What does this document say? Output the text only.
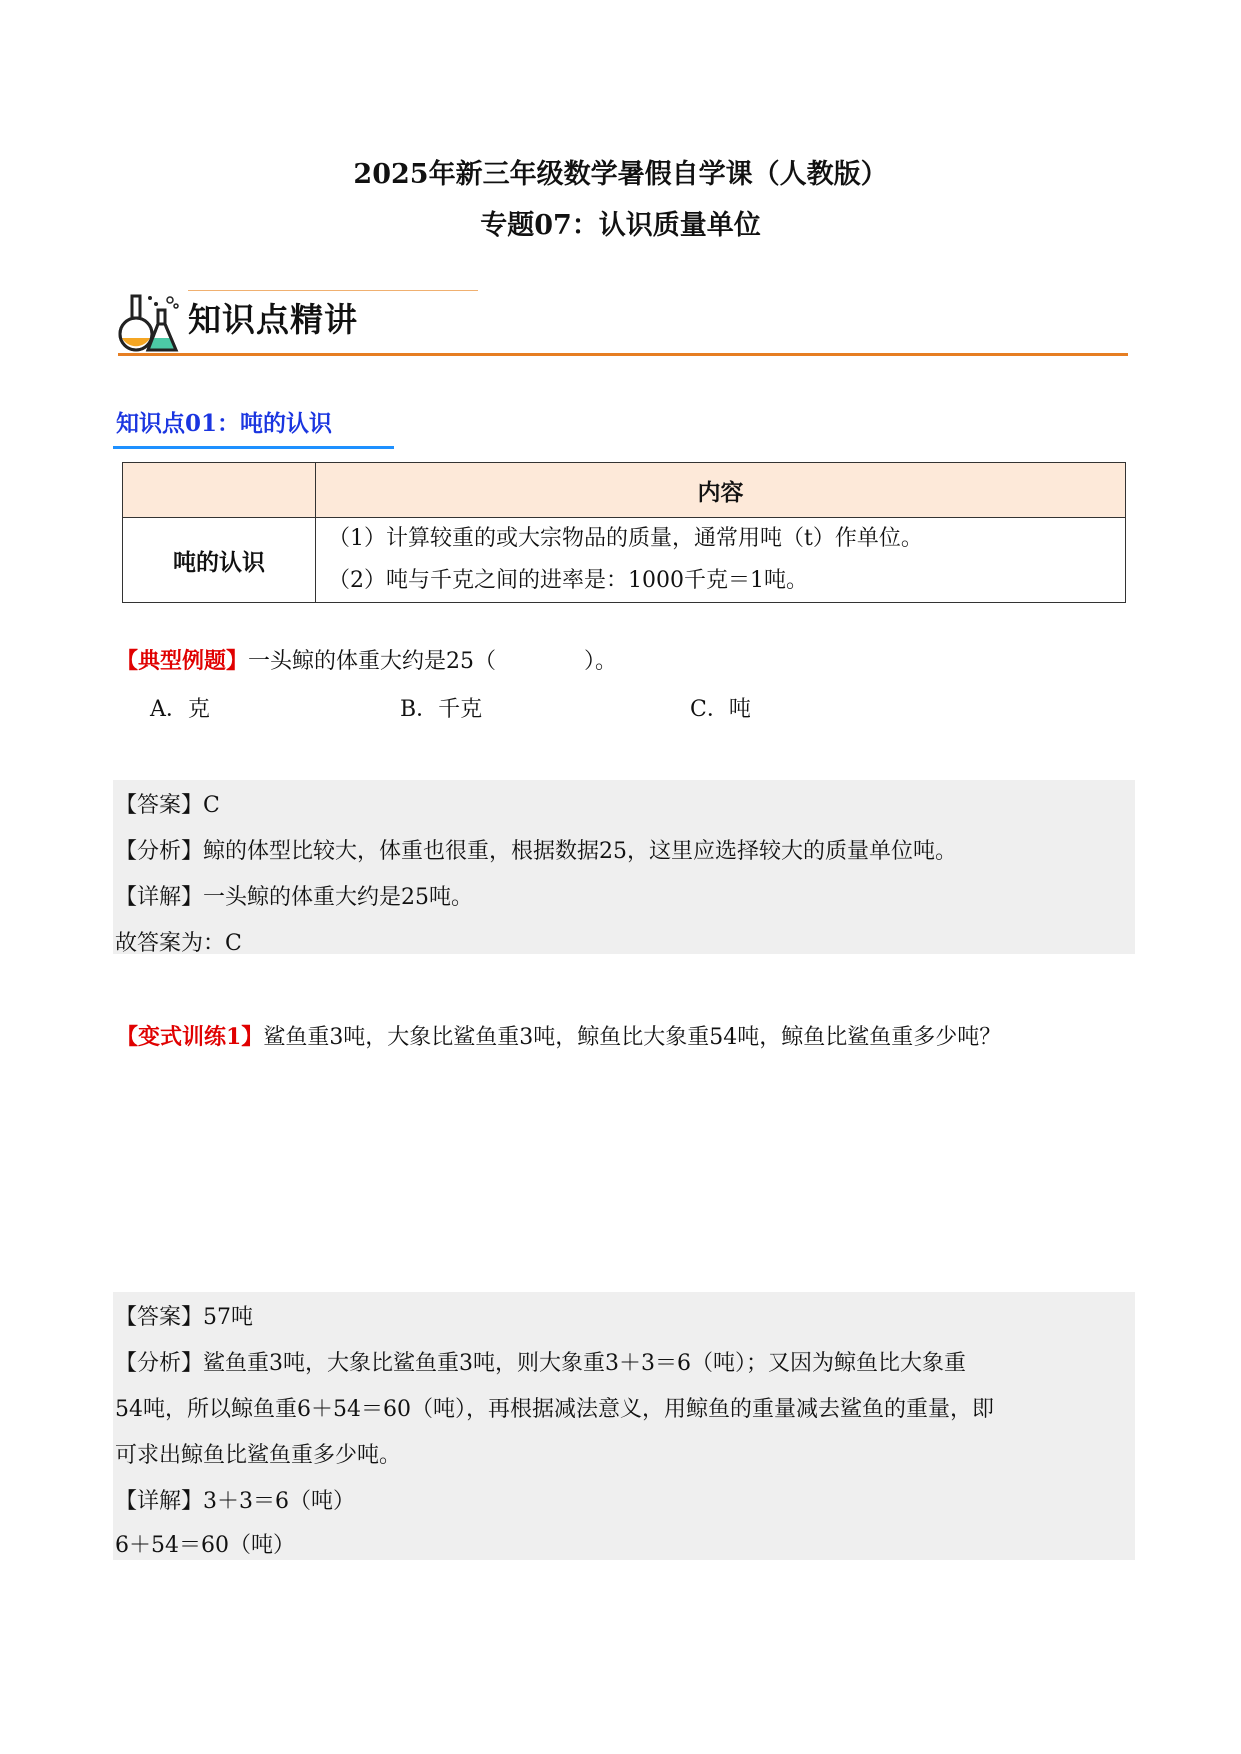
2025年新三年级数学暑假自学课（人教版）
专题07：认识质量单位
知识点精讲
知识点01：吨的认识
	内容
吨的认识	（1）计算较重的或大宗物品的质量，通常用吨（t）作单位。
（2）吨与千克之间的进率是：1000千克＝1吨。
【典型例题】一头鲸的体重大约是25（　　　　）。
A．克	B．千克	C．吨
【答案】C
【分析】鲸的体型比较大，体重也很重，根据数据25，这里应选择较大的质量单位吨。
【详解】一头鲸的体重大约是25吨。
故答案为：C
【变式训练1】鲨鱼重3吨，大象比鲨鱼重3吨，鲸鱼比大象重54吨，鲸鱼比鲨鱼重多少吨？
【答案】57吨
【分析】鲨鱼重3吨，大象比鲨鱼重3吨，则大象重3＋3＝6（吨）；又因为鲸鱼比大象重
54吨，所以鲸鱼重6＋54＝60（吨），再根据减法意义，用鲸鱼的重量减去鲨鱼的重量，即
可求出鲸鱼比鲨鱼重多少吨。
【详解】3＋3＝6（吨）
6＋54＝60（吨）
